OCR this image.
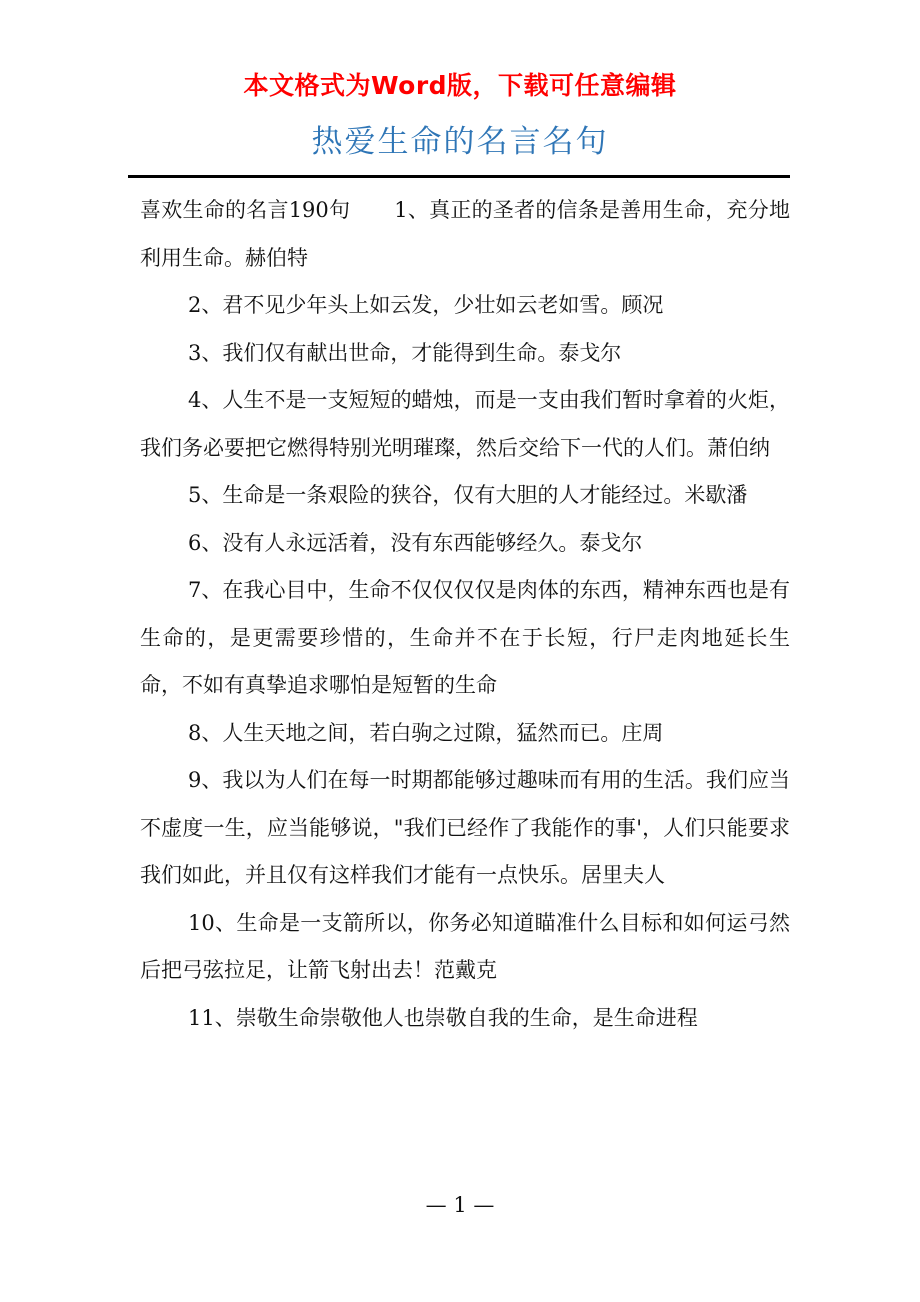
本文格式为Word版，下载可任意编辑
热爱生命的名言名句

喜欢生命的名言190句 1、真正的圣者的信条是善用生命，充分地利用生命。赫伯特

2、君不见少年头上如云发，少壮如云老如雪。顾况

3、我们仅有献出世命，才能得到生命。泰戈尔

4、人生不是一支短短的蜡烛，而是一支由我们暂时拿着的火炬，我们务必要把它燃得特别光明璀璨，然后交给下一代的人们。萧伯纳

5、生命是一条艰险的狭谷，仅有大胆的人才能经过。米歇潘

6、没有人永远活着，没有东西能够经久。泰戈尔

7、在我心目中，生命不仅仅仅仅是肉体的东西，精神东西也是有生命的，是更需要珍惜的，生命并不在于长短，行尸走肉地延长生命，不如有真挚追求哪怕是短暂的生命

8、人生天地之间，若白驹之过隙，猛然而已。庄周

9、我以为人们在每一时期都能够过趣味而有用的生活。我们应当不虚度一生，应当能够说，"我们已经作了我能作的事'，人们只能要求我们如此，并且仅有这样我们才能有一点快乐。居里夫人

10、生命是一支箭所以，你务必知道瞄准什么目标和如何运弓然后把弓弦拉足，让箭飞射出去！范戴克

11、崇敬生命崇敬他人也崇敬自我的生命，是生命进程

— 1 —
